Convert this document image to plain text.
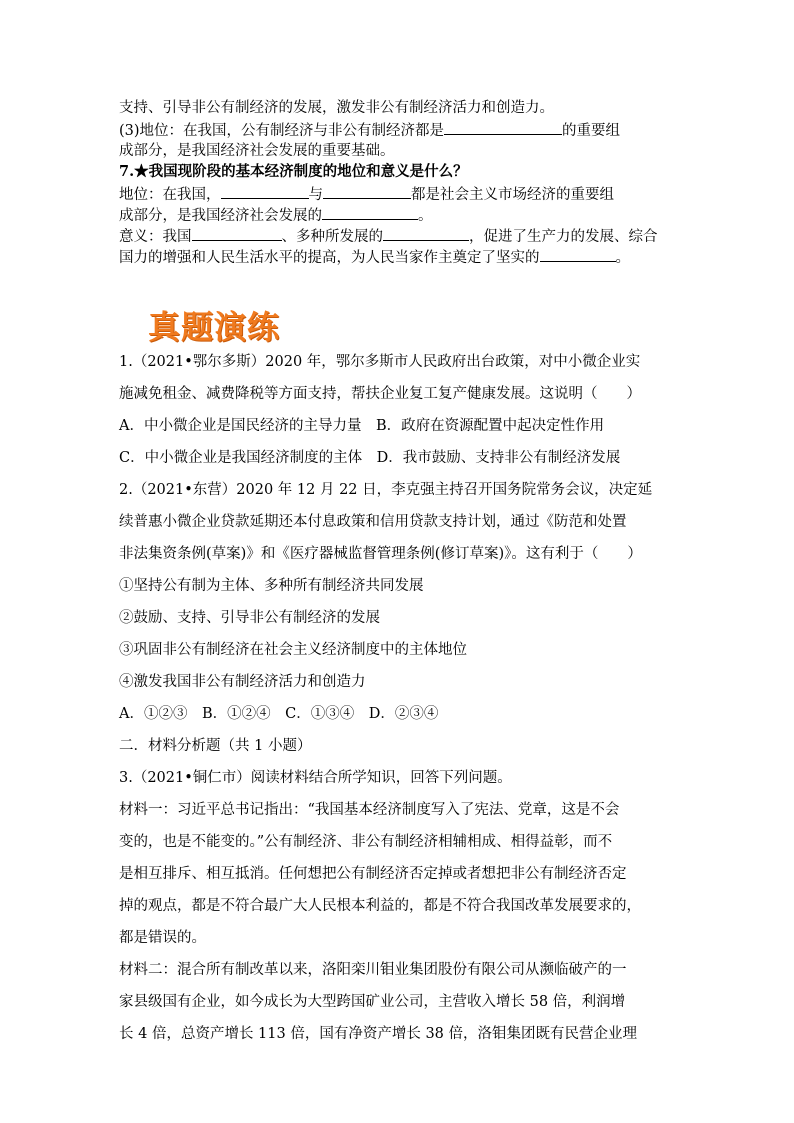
支持、引导非公有制经济的发展，激发非公有制经济活力和创造力。
(3)地位：在我国，公有制经济与非公有制经济都是	的重要组
成部分，是我国经济社会发展的重要基础。
7.★我国现阶段的基本经济制度的地位和意义是什么？
地位：在我国，	与	都是社会主义市场经济的重要组
成部分，是我国经济社会发展的	。
意义：我国	、多种所发展的	，促进了生产力的发展、综合
国力的增强和人民生活水平的提高，为人民当家作主奠定了坚实的	。
真题演练
1.（2021•鄂尔多斯）2020 年，鄂尔多斯市人民政府出台政策，对中小微企业实
施减免租金、减费降税等方面支持，帮扶企业复工复产健康发展。这说明（　　）
A．中小微企业是国民经济的主导力量　B．政府在资源配置中起决定性作用
C．中小微企业是我国经济制度的主体　D．我市鼓励、支持非公有制经济发展
2.（2021•东营）2020 年 12 月 22 日，李克强主持召开国务院常务会议，决定延
续普惠小微企业贷款延期还本付息政策和信用贷款支持计划，通过《防范和处置
非法集资条例(草案)》和《医疗器械监督管理条例(修订草案)》。这有利于（　　）
①坚持公有制为主体、多种所有制经济共同发展
②鼓励、支持、引导非公有制经济的发展
③巩固非公有制经济在社会主义经济制度中的主体地位
④激发我国非公有制经济活力和创造力
A．①②③　B．①②④　C．①③④　D．②③④
二．材料分析题（共 1 小题）
3.（2021•铜仁市）阅读材料结合所学知识，回答下列问题。
材料一：习近平总书记指出：“我国基本经济制度写入了宪法、党章，这是不会
变的，也是不能变的。”公有制经济、非公有制经济相辅相成、相得益彰，而不
是相互排斥、相互抵消。任何想把公有制经济否定掉或者想把非公有制经济否定
掉的观点，都是不符合最广大人民根本利益的，都是不符合我国改革发展要求的，
都是错误的。
材料二：混合所有制改革以来，洛阳栾川钼业集团股份有限公司从濒临破产的一
家县级国有企业，如今成长为大型跨国矿业公司，主营收入增长 58 倍，利润增
长 4 倍，总资产增长 113 倍，国有净资产增长 38 倍，洛钼集团既有民营企业理
